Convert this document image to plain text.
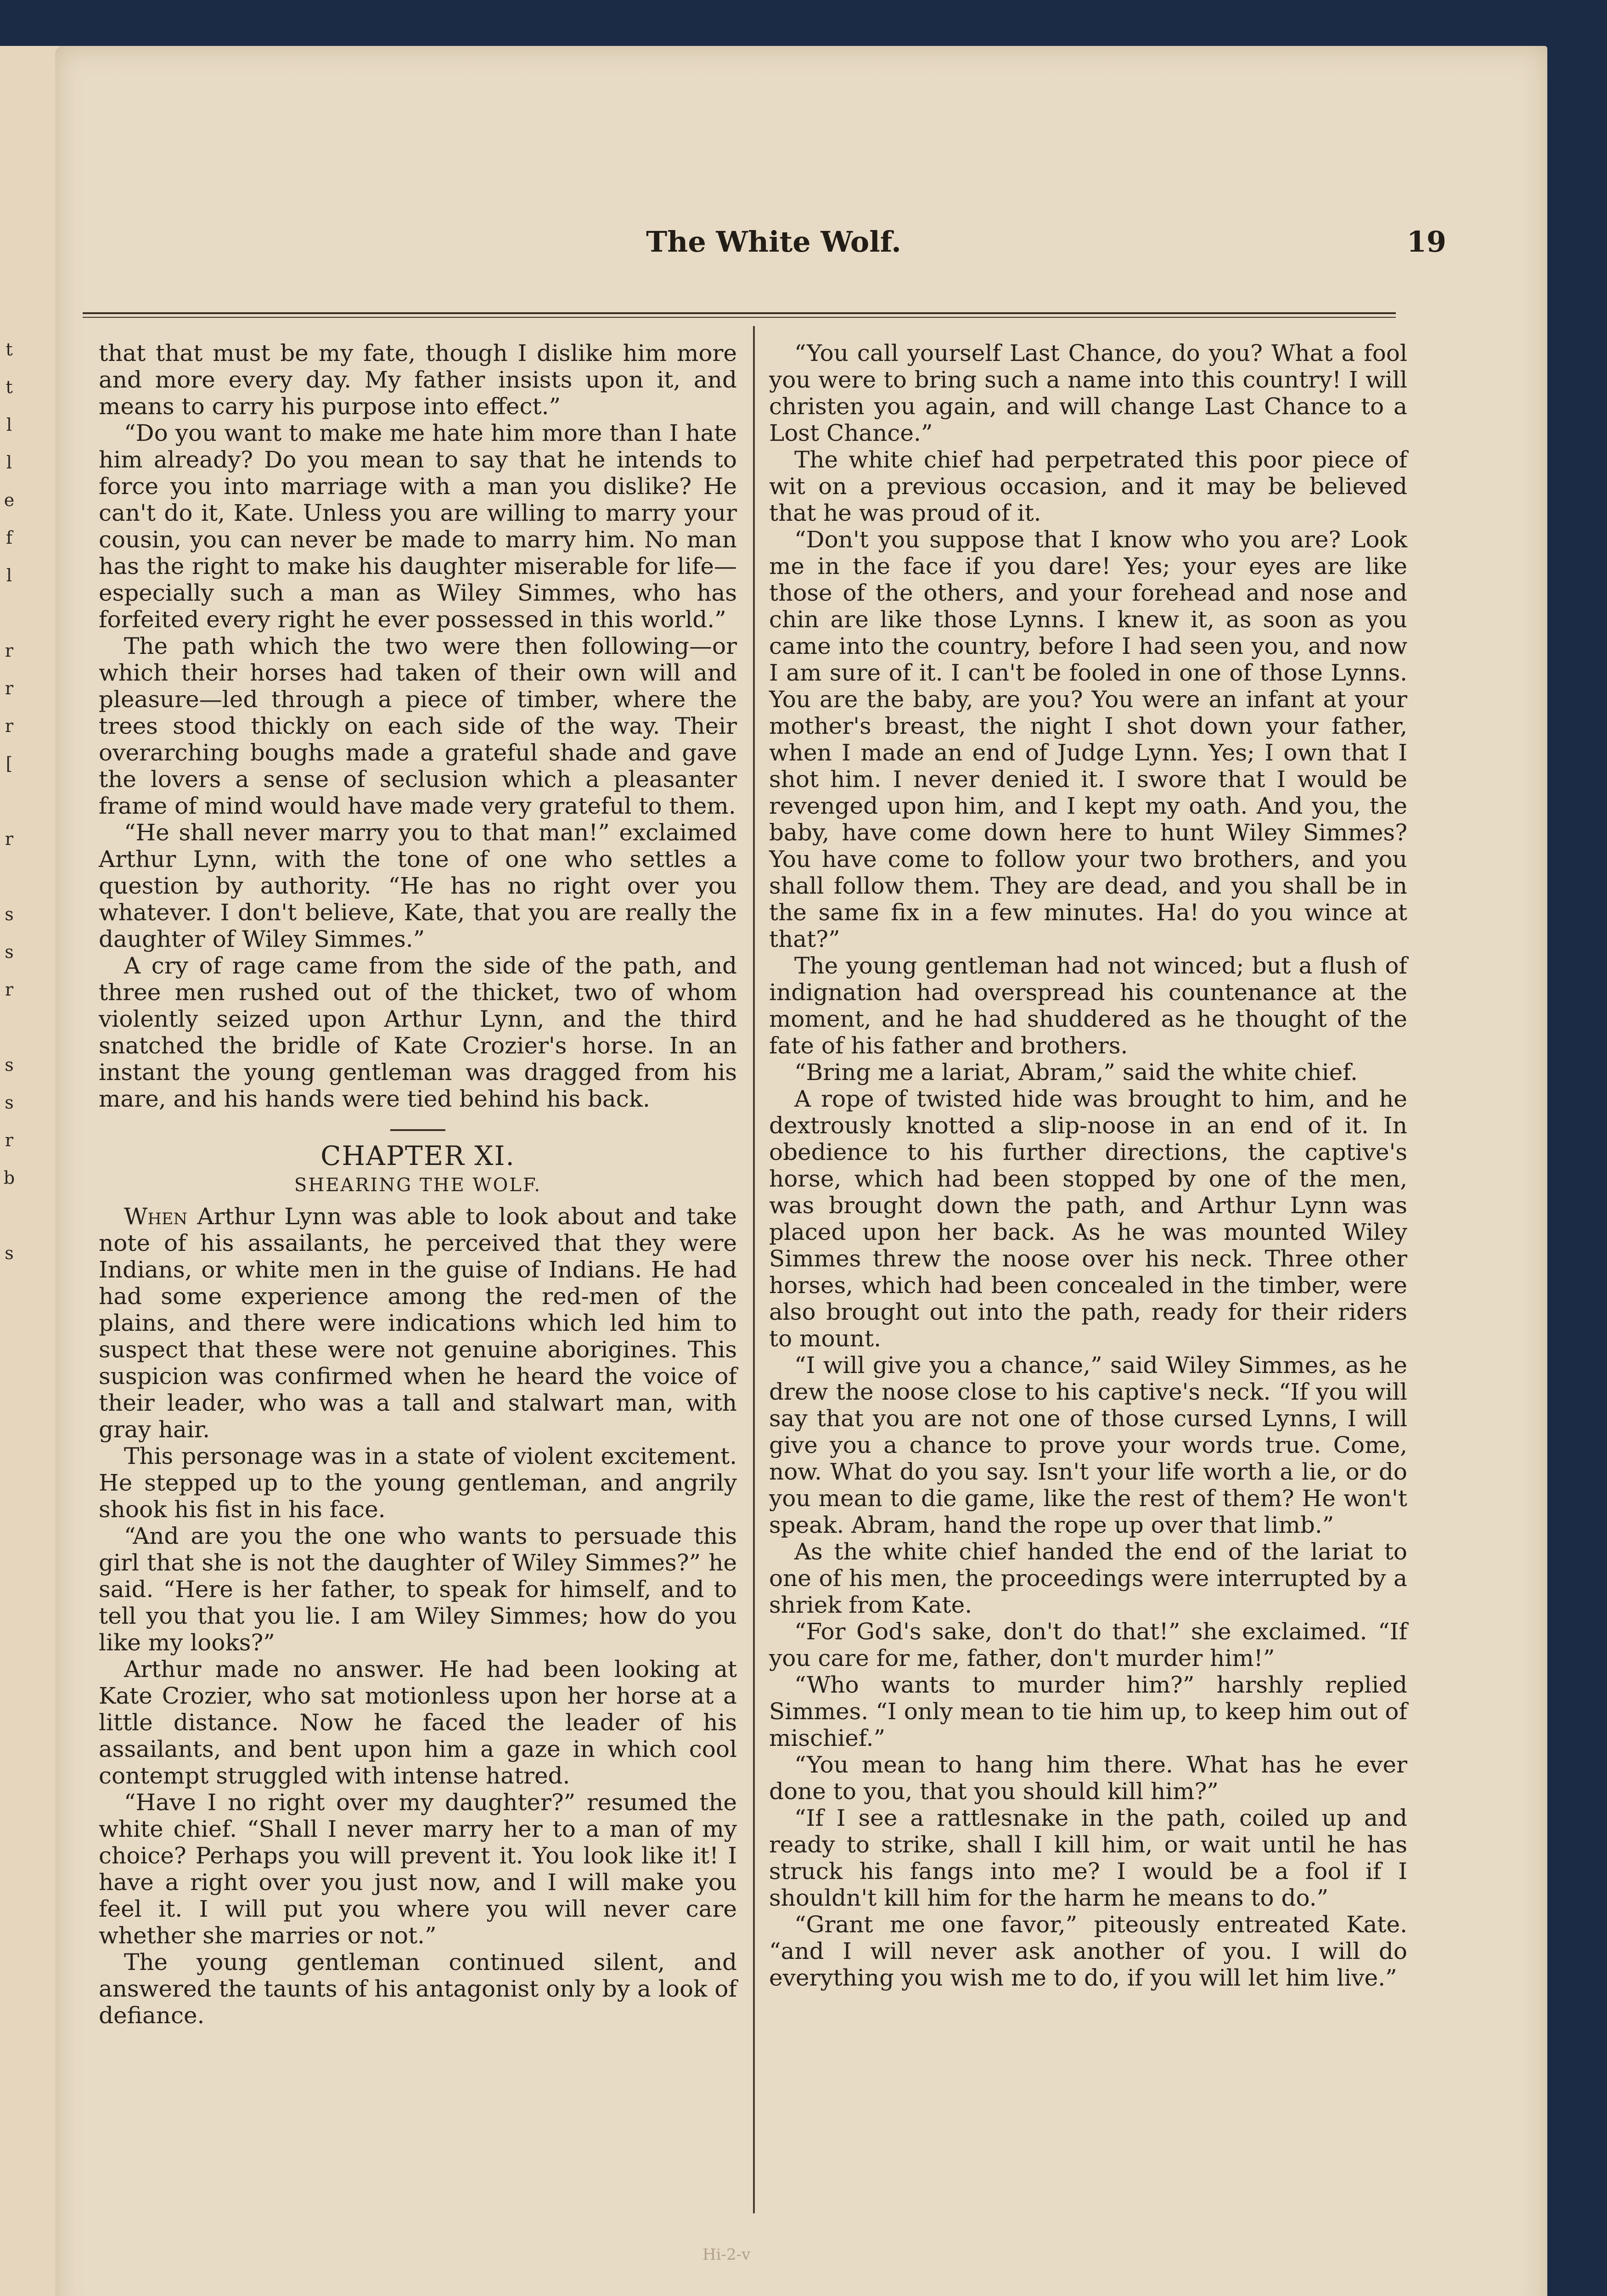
t
t
l
l
e
f
l

r
r
r
[

r

s
s
r

s
s
r
b

s
The White Wolf.	19

that that must be my fate, though I dislike him more and more every day. My father insists upon it, and means to carry his purpose into effect.”

“Do you want to make me hate him more than I hate him already? Do you mean to say that he intends to force you into marriage with a man you dislike? He can't do it, Kate. Unless you are willing to marry your cousin, you can never be made to marry him. No man has the right to make his daughter miserable for life—especially such a man as Wiley Simmes, who has forfeited every right he ever possessed in this world.”

The path which the two were then following—or which their horses had taken of their own will and pleasure—led through a piece of timber, where the trees stood thickly on each side of the way. Their overarching boughs made a grateful shade and gave the lovers a sense of seclusion which a pleasanter frame of mind would have made very grateful to them.

“He shall never marry you to that man!” exclaimed Arthur Lynn, with the tone of one who settles a question by authority. “He has no right over you whatever. I don't believe, Kate, that you are really the daughter of Wiley Simmes.”

A cry of rage came from the side of the path, and three men rushed out of the thicket, two of whom violently seized upon Arthur Lynn, and the third snatched the bridle of Kate Crozier's horse. In an instant the young gentleman was dragged from his mare, and his hands were tied behind his back.

CHAPTER XI.
SHEARING THE WOLF.

When Arthur Lynn was able to look about and take note of his assailants, he perceived that they were Indians, or white men in the guise of Indians. He had had some experience among the red-men of the plains, and there were indications which led him to suspect that these were not genuine aborigines. This suspicion was confirmed when he heard the voice of their leader, who was a tall and stalwart man, with gray hair.

This personage was in a state of violent excitement. He stepped up to the young gentleman, and angrily shook his fist in his face.

“And are you the one who wants to persuade this girl that she is not the daughter of Wiley Simmes?” he said. “Here is her father, to speak for himself, and to tell you that you lie. I am Wiley Simmes; how do you like my looks?”

Arthur made no answer. He had been looking at Kate Crozier, who sat motionless upon her horse at a little distance. Now he faced the leader of his assailants, and bent upon him a gaze in which cool contempt struggled with intense hatred.

“Have I no right over my daughter?” resumed the white chief. “Shall I never marry her to a man of my choice? Perhaps you will prevent it. You look like it! I have a right over you just now, and I will make you feel it. I will put you where you will never care whether she marries or not.”

The young gentleman continued silent, and answered the taunts of his antagonist only by a look of defiance.

“You call yourself Last Chance, do you? What a fool you were to bring such a name into this country! I will christen you again, and will change Last Chance to a Lost Chance.”

The white chief had perpetrated this poor piece of wit on a previous occasion, and it may be believed that he was proud of it.

“Don't you suppose that I know who you are? Look me in the face if you dare! Yes; your eyes are like those of the others, and your forehead and nose and chin are like those Lynns. I knew it, as soon as you came into the country, before I had seen you, and now I am sure of it. I can't be fooled in one of those Lynns. You are the baby, are you? You were an infant at your mother's breast, the night I shot down your father, when I made an end of Judge Lynn. Yes; I own that I shot him. I never denied it. I swore that I would be revenged upon him, and I kept my oath. And you, the baby, have come down here to hunt Wiley Simmes? You have come to follow your two brothers, and you shall follow them. They are dead, and you shall be in the same fix in a few minutes. Ha! do you wince at that?”

The young gentleman had not winced; but a flush of indignation had overspread his countenance at the moment, and he had shuddered as he thought of the fate of his father and brothers.

“Bring me a lariat, Abram,” said the white chief.

A rope of twisted hide was brought to him, and he dextrously knotted a slip-noose in an end of it. In obedience to his further directions, the captive's horse, which had been stopped by one of the men, was brought down the path, and Arthur Lynn was placed upon her back. As he was mounted Wiley Simmes threw the noose over his neck. Three other horses, which had been concealed in the timber, were also brought out into the path, ready for their riders to mount.

“I will give you a chance,” said Wiley Simmes, as he drew the noose close to his captive's neck. “If you will say that you are not one of those cursed Lynns, I will give you a chance to prove your words true. Come, now. What do you say. Isn't your life worth a lie, or do you mean to die game, like the rest of them? He won't speak. Abram, hand the rope up over that limb.”

As the white chief handed the end of the lariat to one of his men, the proceedings were interrupted by a shriek from Kate.

“For God's sake, don't do that!” she exclaimed. “If you care for me, father, don't murder him!”

“Who wants to murder him?” harshly replied Simmes. “I only mean to tie him up, to keep him out of mischief.”

“You mean to hang him there. What has he ever done to you, that you should kill him?”

“If I see a rattlesnake in the path, coiled up and ready to strike, shall I kill him, or wait until he has struck his fangs into me? I would be a fool if I shouldn't kill him for the harm he means to do.”

“Grant me one favor,” piteously entreated Kate. “and I will never ask another of you. I will do everything you wish me to do, if you will let him live.”

Hi-2-v
